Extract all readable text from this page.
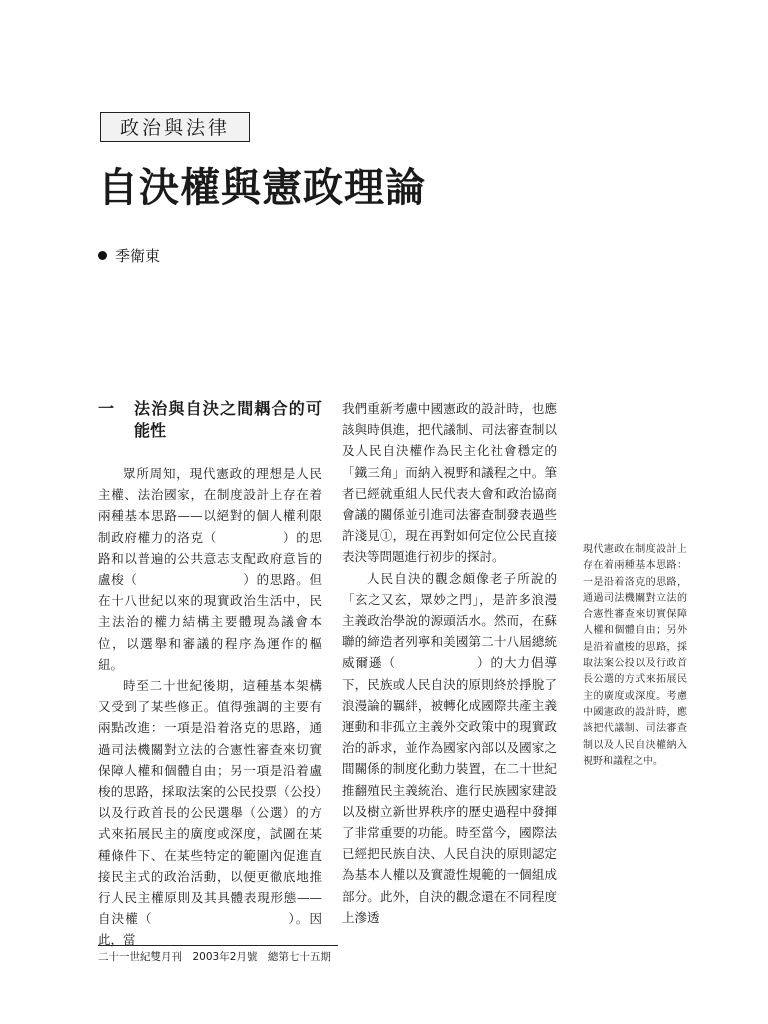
政治與法律
自決權與憲政理論
季衛東
一	法治與自決之間耦合的可能性

眾所周知，現代憲政的理想是人民主權、法治國家，在制度設計上存在着兩種基本思路——以絕對的個人權利限制政府權力的洛克（　　　　　）的思路和以普遍的公共意志支配政府意旨的盧梭（　　　　　　　　）的思路。但在十八世紀以來的現實政治生活中，民主法治的權力結構主要體現為議會本位，以選舉和審議的程序為運作的樞紐。

時至二十世紀後期，這種基本架構又受到了某些修正。值得強調的主要有兩點改進：一項是沿着洛克的思路，通過司法機關對立法的合憲性審查來切實保障人權和個體自由；另一項是沿着盧梭的思路，採取法案的公民投票（公投）以及行政首長的公民選舉（公選）的方式來拓展民主的廣度或深度，試圖在某種條件下、在某些特定的範圍內促進直接民主式的政治活動，以便更徹底地推行人民主權原則及其具體表現形態——自決權（　　　　　　　　　　）。因此，當

我們重新考慮中國憲政的設計時，也應該與時俱進，把代議制、司法審查制以及人民自決權作為民主化社會穩定的「鐵三角」而納入視野和議程之中。筆者已經就重組人民代表大會和政治協商會議的關係並引進司法審查制發表過些許淺見①，現在再對如何定位公民直接表決等問題進行初步的探討。

人民自決的觀念頗像老子所說的「玄之又玄，眾妙之門」，是許多浪漫主義政治學說的源頭活水。然而，在蘇聯的締造者列寧和美國第二十八屆總統威爾遜（　　　　　　）的大力倡導下，民族或人民自決的原則終於掙脫了浪漫論的羈絆，被轉化成國際共產主義運動和非孤立主義外交政策中的現實政治的訴求，並作為國家內部以及國家之間關係的制度化動力裝置，在二十世紀推翻殖民主義統治、進行民族國家建設以及樹立新世界秩序的歷史過程中發揮了非常重要的功能。時至當今，國際法已經把民族自決、人民自決的原則認定為基本人權以及實證性規範的一個組成部分。此外，自決的觀念還在不同程度上滲透

現代憲政在制度設計上存在着兩種基本思路：一是沿着洛克的思路，通過司法機關對立法的合憲性審查來切實保障人權和個體自由；另外是沿着盧梭的思路，採取法案公投以及行政首長公選的方式來拓展民主的廣度或深度。考慮中國憲政的設計時，應該把代議制、司法審查制以及人民自決權納入視野和議程之中。
二十一世紀雙月刊　2003年2月號　總第七十五期
